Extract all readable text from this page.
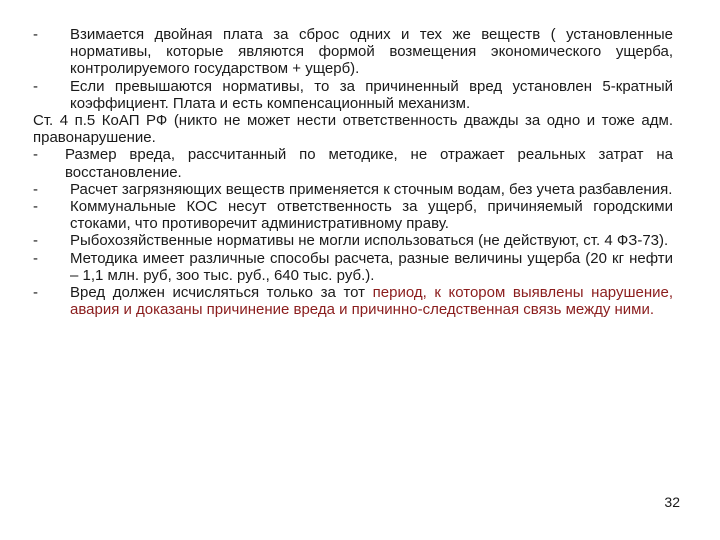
-	Взимается двойная плата за сброс одних и тех же веществ ( установленные нормативы, которые являются формой возмещения экономического ущерба, контролируемого государством + ущерб).
-	Если превышаются нормативы, то за причиненный вред установлен 5-кратный коэффициент. Плата и есть компенсационный механизм.
Ст. 4 п.5 КоАП РФ (никто не может нести ответственность дважды за одно и тоже адм. правонарушение.
-	Размер вреда, рассчитанный по методике, не отражает реальных затрат на восстановление.
-	Расчет загрязняющих веществ применяется к сточным водам, без учета разбавления.
-	Коммунальные КОС несут ответственность за ущерб, причиняемый городскими стоками, что противоречит административному праву.
-	Рыбохозяйственные нормативы не могли использоваться (не действуют, ст. 4 ФЗ-73).
-	Методика имеет различные способы расчета, разные величины ущерба (20 кг нефти – 1,1 млн. руб, зоо тыс. руб., 640 тыс. руб.).
-	Вред должен исчисляться только за тот период, к котором выявлены нарушение, авария и доказаны причинение вреда и причинно-следственная связь между ними.
32
